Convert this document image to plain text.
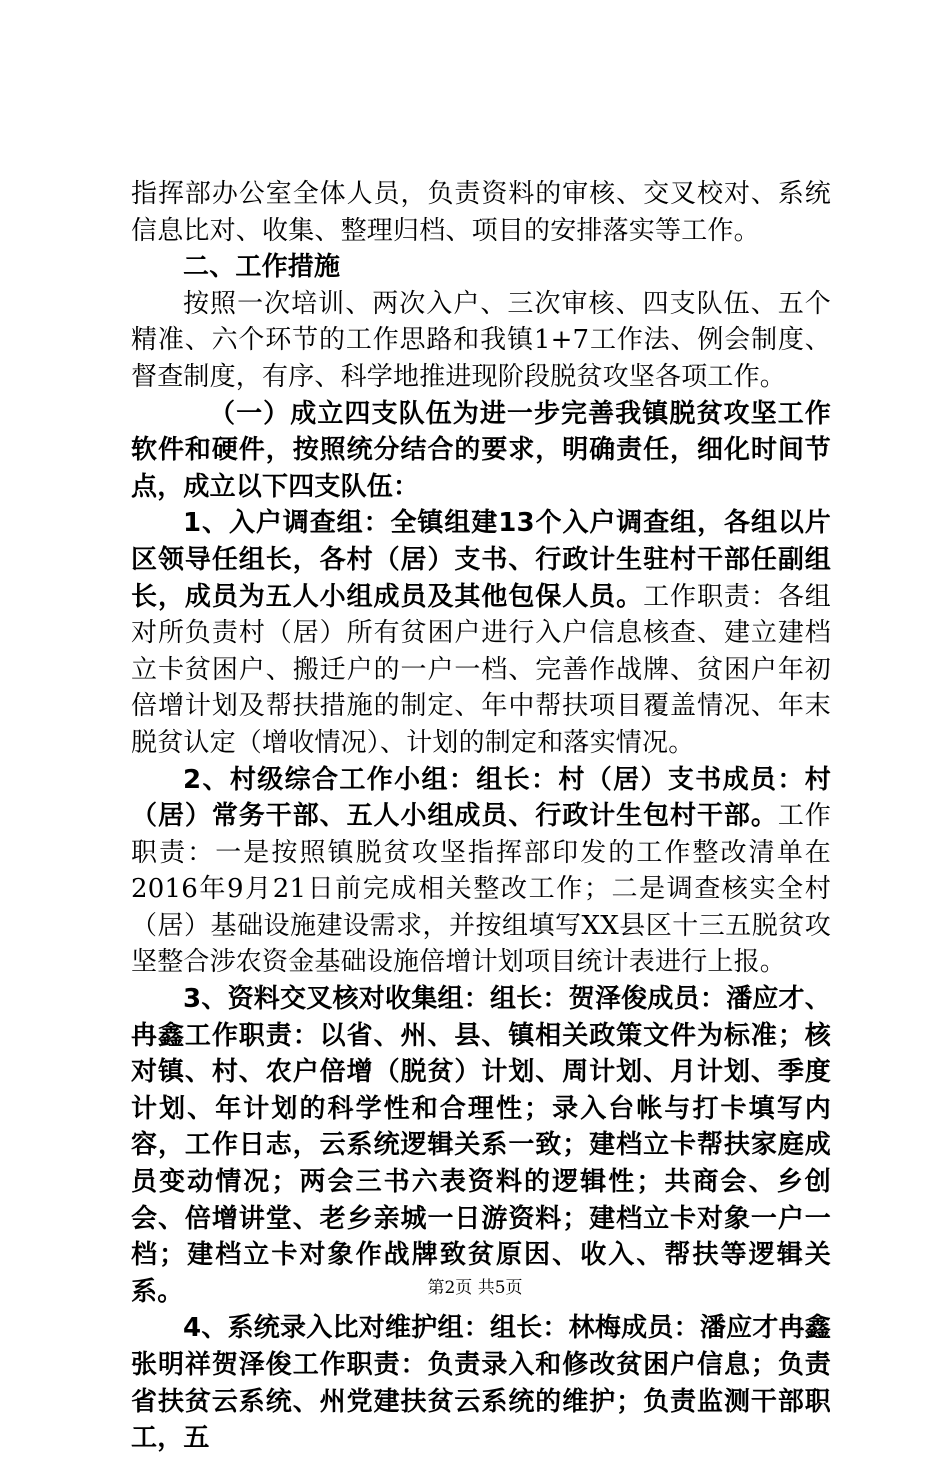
指挥部办公室全体人员，负责资料的审核、交叉校对、系统信息比对、收集、整理归档、项目的安排落实等工作。

二、工作措施

按照一次培训、两次入户、三次审核、四支队伍、五个精准、六个环节的工作思路和我镇1+7工作法、例会制度、督查制度，有序、科学地推进现阶段脱贫攻坚各项工作。

（一）成立四支队伍为进一步完善我镇脱贫攻坚工作软件和硬件，按照统分结合的要求，明确责任，细化时间节点，成立以下四支队伍：

1、入户调查组：全镇组建13个入户调查组，各组以片区领导任组长，各村（居）支书、行政计生驻村干部任副组长，成员为五人小组成员及其他包保人员。工作职责：各组对所负责村（居）所有贫困户进行入户信息核查、建立建档立卡贫困户、搬迁户的一户一档、完善作战牌、贫困户年初倍增计划及帮扶措施的制定、年中帮扶项目覆盖情况、年末脱贫认定（增收情况）、计划的制定和落实情况。

2、村级综合工作小组：组长：村（居）支书成员：村（居）常务干部、五人小组成员、行政计生包村干部。工作职责：一是按照镇脱贫攻坚指挥部印发的工作整改清单在2016年9月21日前完成相关整改工作；二是调查核实全村（居）基础设施建设需求，并按组填写XX县区十三五脱贫攻坚整合涉农资金基础设施倍增计划项目统计表进行上报。

3、资料交叉核对收集组：组长：贺泽俊成员：潘应才、冉鑫工作职责：以省、州、县、镇相关政策文件为标准；核对镇、村、农户倍增（脱贫）计划、周计划、月计划、季度计划、年计划的科学性和合理性；录入台帐与打卡填写内容，工作日志，云系统逻辑关系一致；建档立卡帮扶家庭成员变动情况；两会三书六表资料的逻辑性；共商会、乡创会、倍增讲堂、老乡亲城一日游资料；建档立卡对象一户一档；建档立卡对象作战牌致贫原因、收入、帮扶等逻辑关系。

4、系统录入比对维护组：组长：林梅成员：潘应才冉鑫张明祥贺泽俊工作职责：负责录入和修改贫困户信息；负责省扶贫云系统、州党建扶贫云系统的维护；负责监测干部职工，五

第2页 共5页
